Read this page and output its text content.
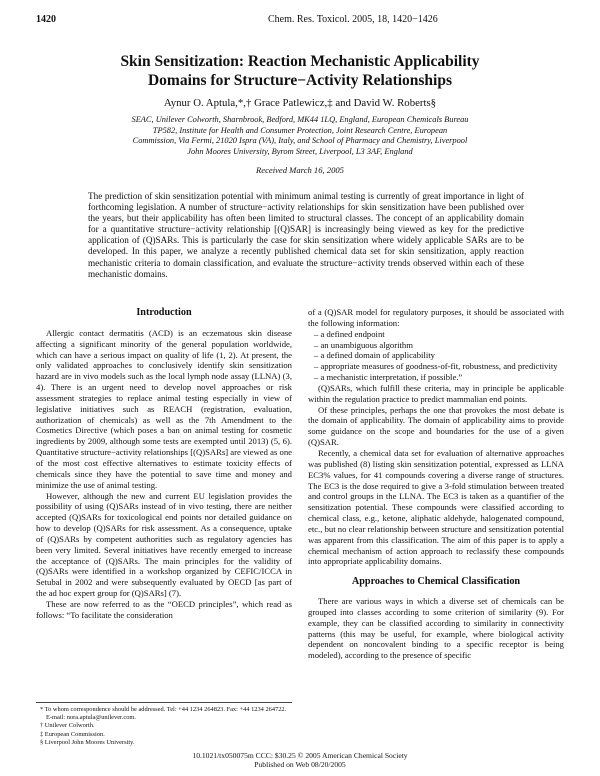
1420	Chem. Res. Toxicol. 2005, 18, 1420−1426
Skin Sensitization: Reaction Mechanistic Applicability
Domains for Structure−Activity Relationships
Aynur O. Aptula,*,† Grace Patlewicz,‡ and David W. Roberts§
SEAC, Unilever Colworth, Sharnbrook, Bedford, MK44 1LQ, England, European Chemicals Bureau
TP582, Institute for Health and Consumer Protection, Joint Research Centre, European
Commission, Via Fermi, 21020 Ispra (VA), Italy, and School of Pharmacy and Chemistry, Liverpool
John Moores University, Byrom Street, Liverpool, L3 3AF, England
Received March 16, 2005
The prediction of skin sensitization potential with minimum animal testing is currently of great importance in light of forthcoming legislation. A number of structure−activity relationships for skin sensitization have been published over the years, but their applicability has often been limited to structural classes. The concept of an applicability domain for a quantitative structure−activity relationship [(Q)SAR] is increasingly being viewed as key for the predictive application of (Q)SARs. This is particularly the case for skin sensitization where widely applicable SARs are to be developed. In this paper, we analyze a recently published chemical data set for skin sensitization, apply reaction mechanistic criteria to domain classification, and evaluate the structure−activity trends observed within each of these mechanistic domains.
Introduction

Allergic contact dermatitis (ACD) is an eczematous skin disease affecting a significant minority of the general population worldwide, which can have a serious impact on quality of life (1, 2). At present, the only validated approaches to conclusively identify skin sensitization hazard are in vivo models such as the local lymph node assay (LLNA) (3, 4). There is an urgent need to develop novel approaches or risk assessment strategies to replace animal testing especially in view of legislative initiatives such as REACH (registration, evaluation, authorization of chemicals) as well as the 7th Amendment to the Cosmetics Directive (which poses a ban on animal testing for cosmetic ingredients by 2009, although some tests are exempted until 2013) (5, 6). Quantitative structure−activity relationships [(Q)SARs] are viewed as one of the most cost effective alternatives to estimate toxicity effects of chemicals since they have the potential to save time and money and minimize the use of animal testing.

However, although the new and current EU legislation provides the possibility of using (Q)SARs instead of in vivo testing, there are neither accepted (Q)SARs for toxicological end points nor detailed guidance on how to develop (Q)SARs for risk assessment. As a consequence, uptake of (Q)SARs by competent authorities such as regulatory agencies has been very limited. Several initiatives have recently emerged to increase the acceptance of (Q)SARs. The main principles for the validity of (Q)SARs were identified in a workshop organized by CEFIC/ICCA in Setubal in 2002 and were subsequently evaluated by OECD [as part of the ad hoc expert group for (Q)SARs] (7).

These are now referred to as the “OECD principles”, which read as follows: “To facilitate the consideration

of a (Q)SAR model for regulatory purposes, it should be associated with the following information:

– a defined endpoint
– an unambiguous algorithm
– a defined domain of applicability
– appropriate measures of goodness-of-fit, robustness, and predictivity
– a mechanistic interpretation, if possible.”

(Q)SARs, which fulfill these criteria, may in principle be applicable within the regulation practice to predict mammalian end points.

Of these principles, perhaps the one that provokes the most debate is the domain of applicability. The domain of applicability aims to provide some guidance on the scope and boundaries for the use of a given (Q)SAR.

Recently, a chemical data set for evaluation of alternative approaches was published (8) listing skin sensitization potential, expressed as LLNA EC3% values, for 41 compounds covering a diverse range of structures. The EC3 is the dose required to give a 3-fold stimulation between treated and control groups in the LLNA. The EC3 is taken as a quantifier of the sensitization potential. These compounds were classified according to chemical class, e.g., ketone, aliphatic aldehyde, halogenated compound, etc., but no clear relationship between structure and sensitization potential was apparent from this classification. The aim of this paper is to apply a chemical mechanism of action approach to reclassify these compounds into appropriate applicability domains.

Approaches to Chemical Classification

There are various ways in which a diverse set of chemicals can be grouped into classes according to some criterion of similarity (9). For example, they can be classified according to similarity in connectivity patterns (this may be useful, for example, where biological activity dependent on noncovalent binding to a specific receptor is being modeled), according to the presence of specific

* To whom correspondence should be addressed. Tel: +44 1234 264823. Fax: +44 1234 264722. E-mail: nora.aptula@unilever.com.
† Unilever Colworth.
‡ European Commission.
§ Liverpool John Moores University.
10.1021/tx050075m CCC: $30.25 © 2005 American Chemical Society
Published on Web 08/20/2005
